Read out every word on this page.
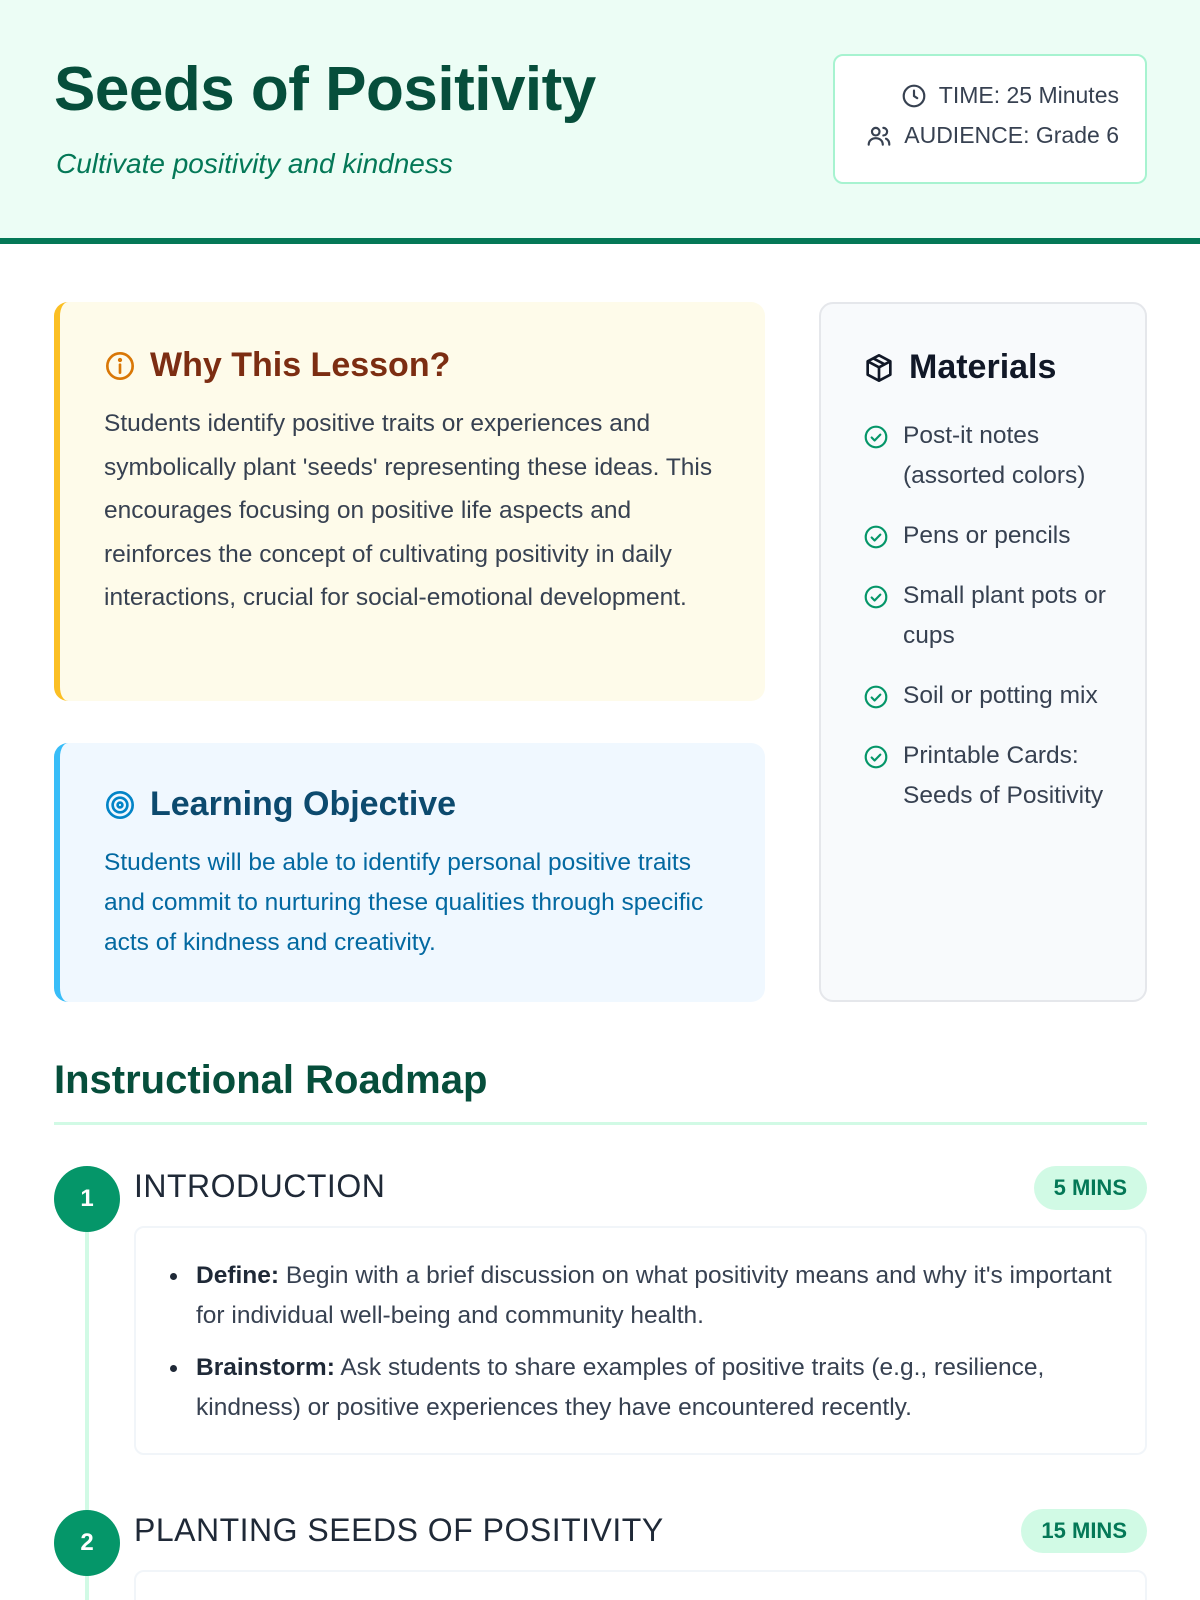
Seeds of Positivity
Cultivate positivity and kindness
TIME: 25 Minutes
AUDIENCE: Grade 6
Why This Lesson?

Students identify positive traits or experiences and symbolically plant 'seeds' representing these ideas. This encourages focusing on positive life aspects and reinforces the concept of cultivating positivity in daily interactions, crucial for social-emotional development.

Learning Objective

Students will be able to identify personal positive traits and commit to nurturing these qualities through specific acts of kindness and creativity.

Materials
Post-it notes (assorted colors)
Pens or pencils
Small plant pots or cups
Soil or potting mix
Printable Cards: Seeds of Positivity
Instructional Roadmap
1	INTRODUCTION	5 MINS
Define: Begin with a brief discussion on what positivity means and why it's important for individual well-being and community health.
Brainstorm: Ask students to share examples of positive traits (e.g., resilience, kindness) or positive experiences they have encountered recently.
2	PLANTING SEEDS OF POSITIVITY	15 MINS
